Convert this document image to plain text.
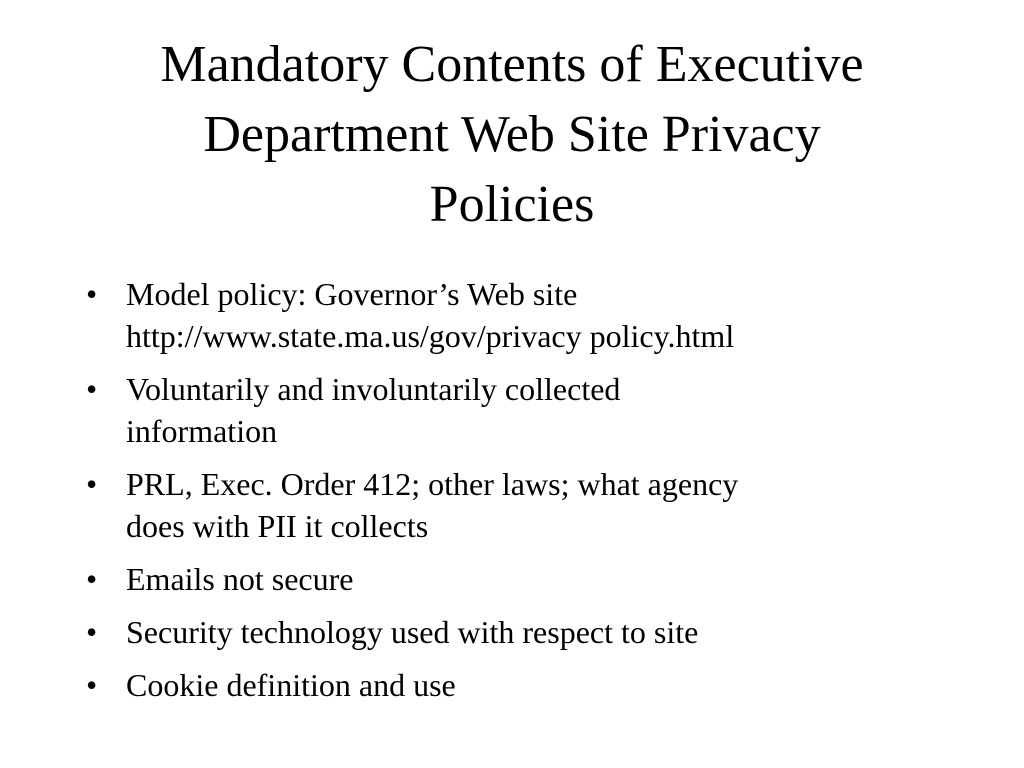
Mandatory Contents of Executive
Department Web Site Privacy
Policies
• Model policy: Governor’s Web site
http://www.state.ma.us/gov/privacy policy.html
• Voluntarily and involuntarily collected
information
• PRL, Exec. Order 412; other laws; what agency
does with PII it collects
• Emails not secure
• Security technology used with respect to site
• Cookie definition and use
